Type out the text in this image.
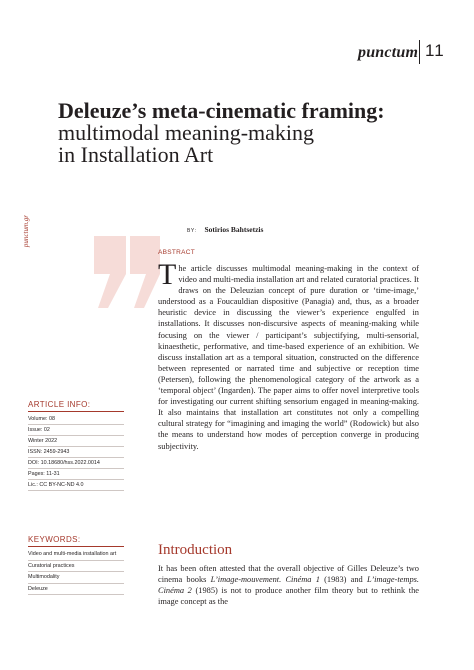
punctum 11
Deleuze’s meta-cinematic framing:
multimodal meaning-making
in Installation Art
punctum.gr	BY: Sotirios Bahtsetzis
ABSTRACT
The article discusses multimodal meaning-making in the context of video and multi-media installation art and related curatorial practices. It draws on the Deleuzian concept of pure duration or ‘time-image,’ understood as a Foucauldian dispositive (Panagia) and, thus, as a broader heuristic device in discussing the viewer’s experience engulfed in installations. It discusses non-discursive aspects of meaning-making while focusing on the viewer / participant’s subjectifying, multi-sensorial, kinaesthetic, performative, and time-based experience of an exhibition. We discuss installation art as a temporal situation, constructed on the difference between represented or narrated time and subjective or reception time (Petersen), following the phenomenological category of the artwork as a ‘temporal object’ (Ingarden). The paper aims to offer novel interpretive tools for investigating our current shifting sensorium engaged in meaning-making. It also maintains that installation art constitutes not only a compelling cultural strategy for “imagining and imaging the world” (Rodowick) but also the means to understand how modes of perception converge in producing subjectivity.
ARTICLE INFO:
Volume: 08
Issue: 02
Winter 2022
ISSN: 2459-2943
DOI: 10.18680/hss.2022.0014
Pages: 11-31
Lic.: CC BY-NC-ND 4.0
KEYWORDS:
Video and multi-media installation art
Curatorial practices
Multimodality
Deleuze
Introduction
It has been often attested that the overall objective of Gilles Deleuze’s two cinema books L’image-mouvement. Cinéma 1 (1983) and L’image-temps. Cinéma 2 (1985) is not to produce another film theory but to rethink the image concept as the
